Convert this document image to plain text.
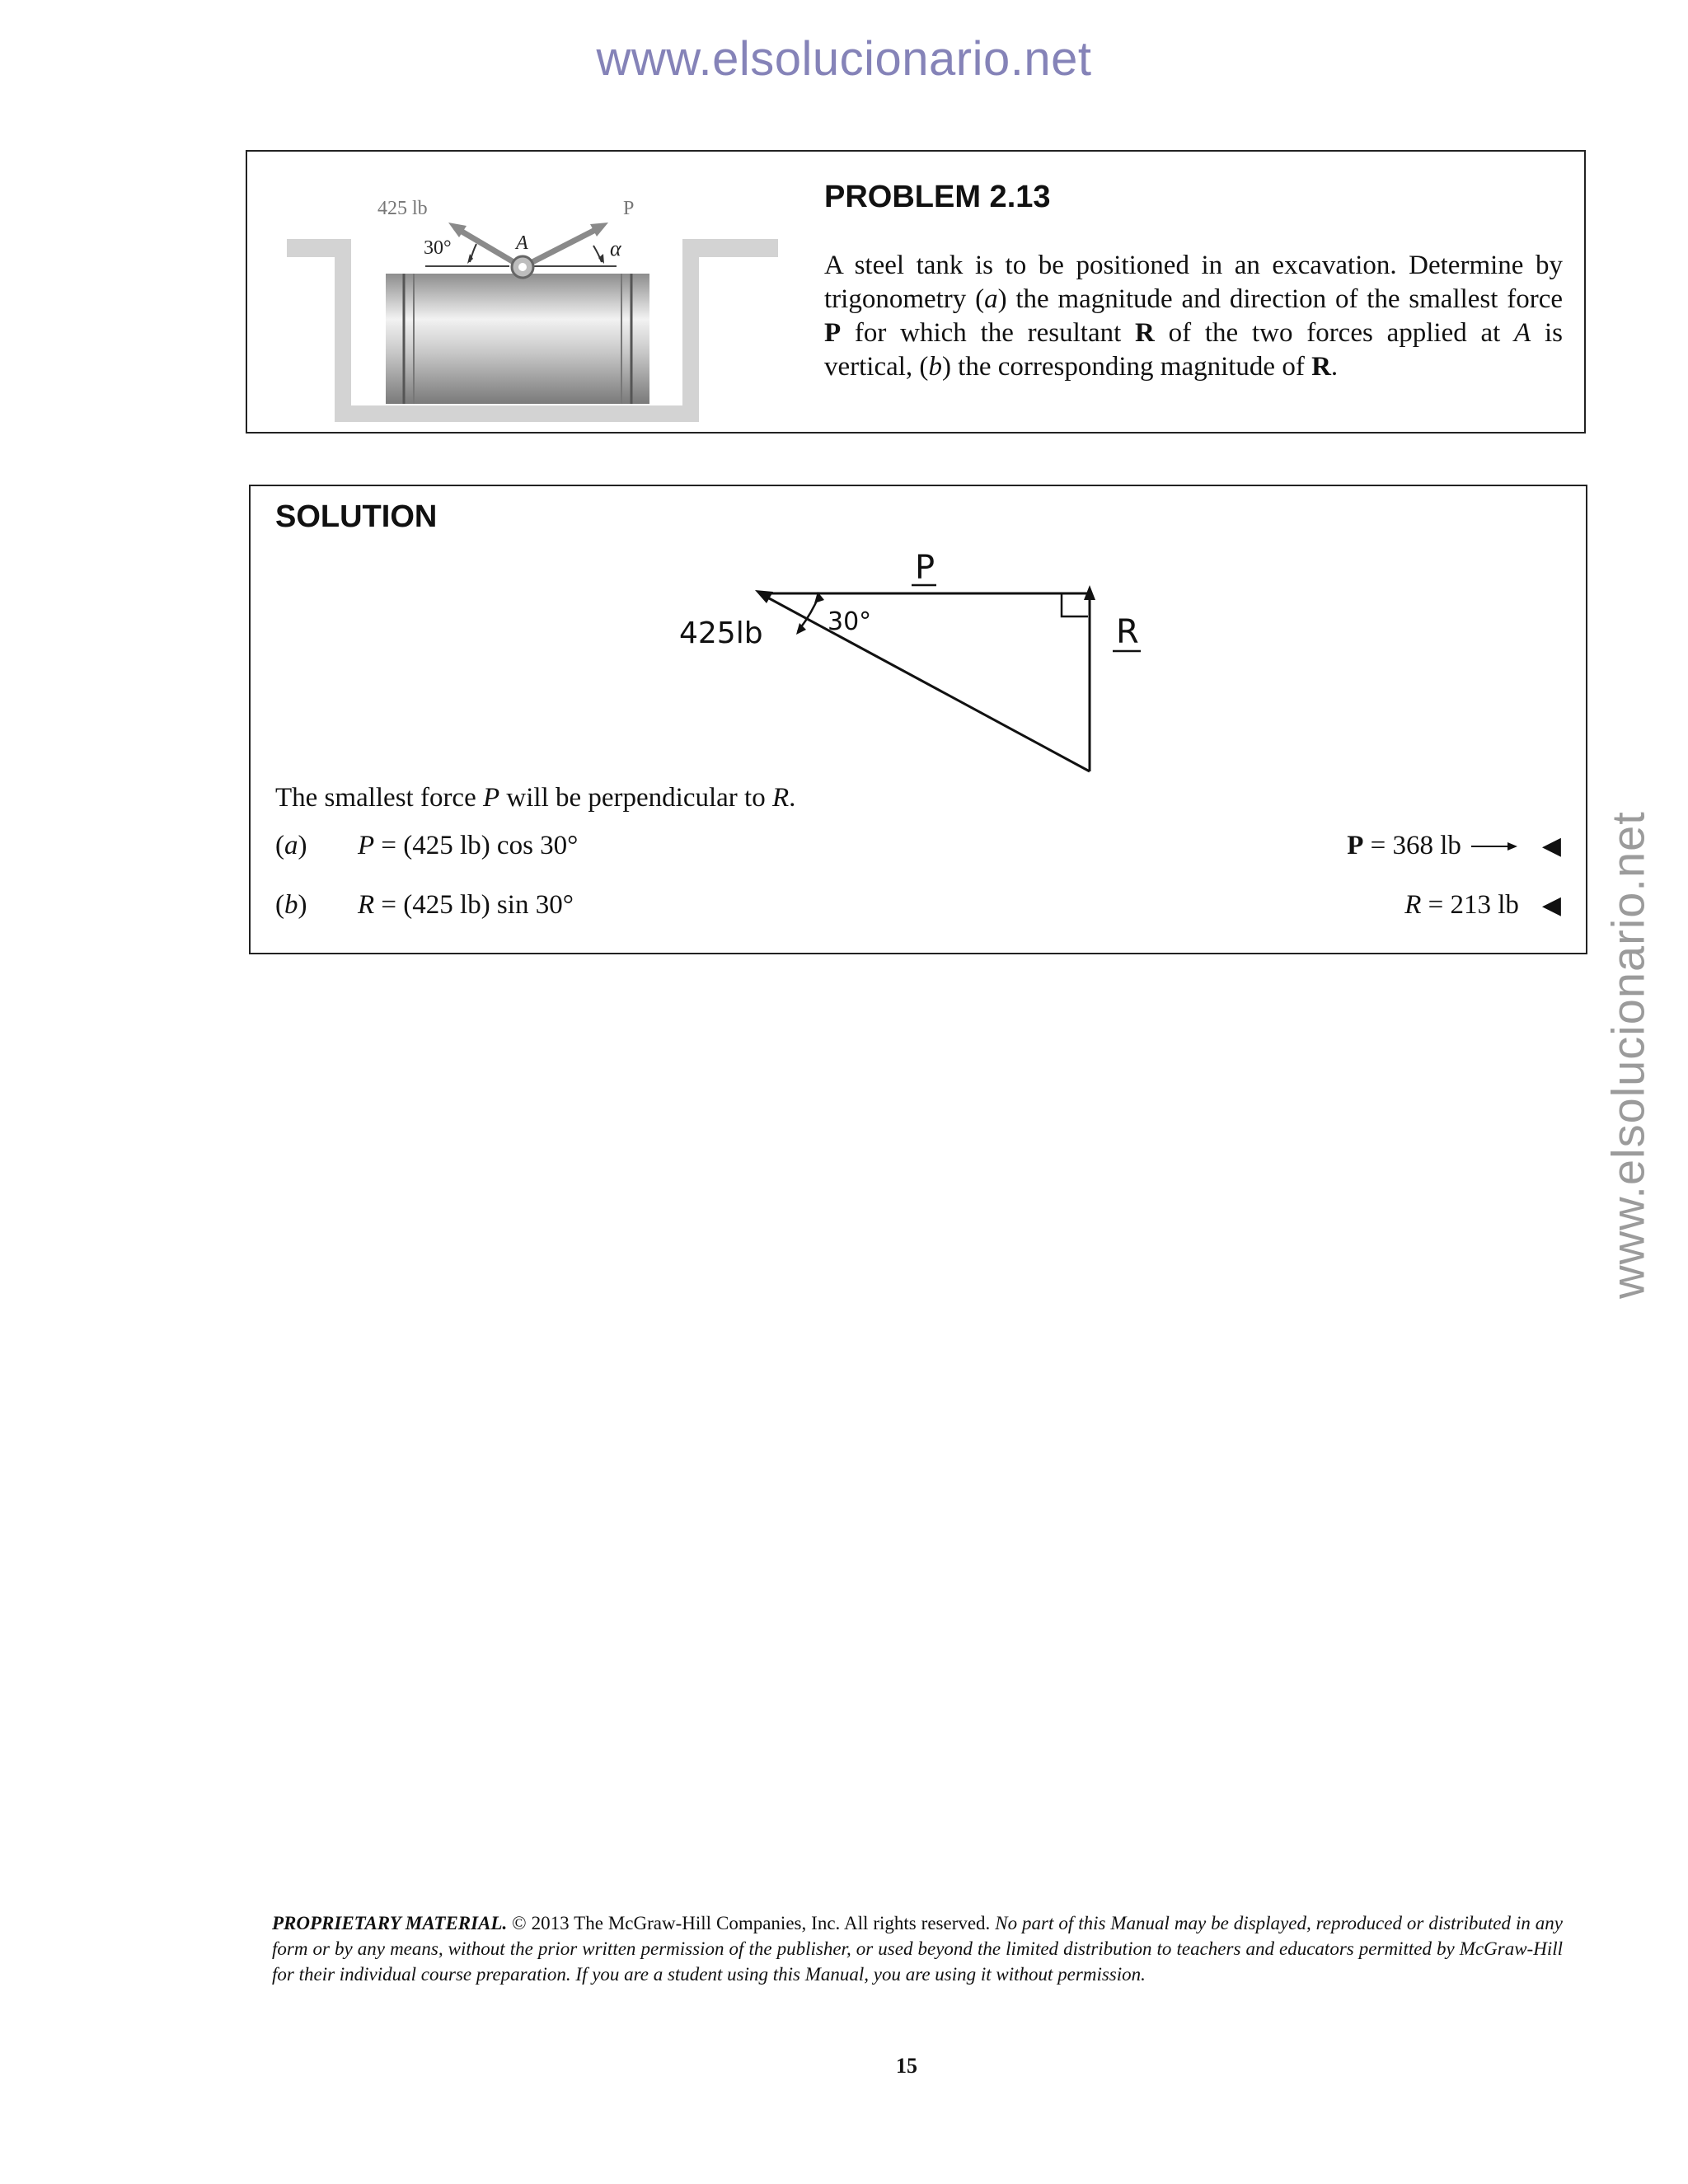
www.elsolucionario.net
www.elsolucionario.net
425 lb
30°	A
P
α
PROBLEM 2.13
A steel tank is to be positioned in an excavation. Determine by trigonometry (a) the magnitude and direction of the smallest force P for which the resultant R of the two forces applied at A is vertical, (b) the corresponding magnitude of R.
SOLUTION
P
425lb	30°	R
The smallest force P will be perpendicular to R.
(a) P = (425 lb) cos 30°	P = 368 lb	◀
(b) R = (425 lb) sin 30°	R = 213 lb ◀
PROPRIETARY MATERIAL. © 2013 The McGraw-Hill Companies, Inc. All rights reserved. No part of this Manual may be displayed, reproduced or distributed in any form or by any means, without the prior written permission of the publisher, or used beyond the limited distribution to teachers and educators permitted by McGraw-Hill for their individual course preparation. If you are a student using this Manual, you are using it without permission.
15
